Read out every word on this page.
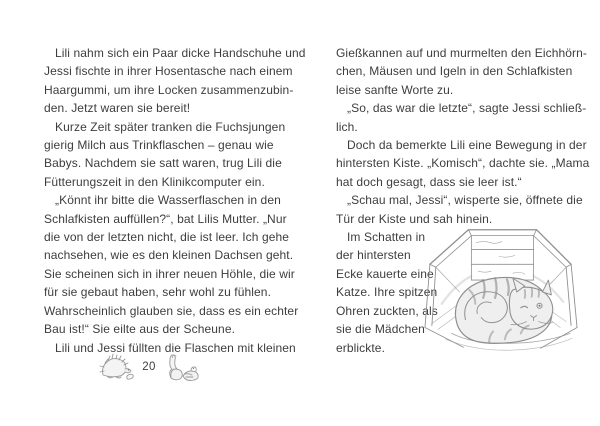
Lili nahm sich ein Paar dicke Handschuhe und
Jessi fischte in ihrer Hosentasche nach einem
Haargummi, um ihre Locken zusammenzubin-
den. Jetzt waren sie bereit!
Kurze Zeit später tranken die Fuchsjungen
gierig Milch aus Trinkflaschen – genau wie
Babys. Nachdem sie satt waren, trug Lili die
Fütterungszeit in den Klinikcomputer ein.
„Könnt ihr bitte die Wasserflaschen in den
Schlafkisten auffüllen?“, bat Lilis Mutter. „Nur
die von der letzten nicht, die ist leer. Ich gehe
nachsehen, wie es den kleinen Dachsen geht.
Sie scheinen sich in ihrer neuen Höhle, die wir
für sie gebaut haben, sehr wohl zu fühlen.
Wahrscheinlich glauben sie, dass es ein echter
Bau ist!“ Sie eilte aus der Scheune.
Lili und Jessi füllten die Flaschen mit kleinen
20
Gießkannen auf und murmelten den Eichhörn-
chen, Mäusen und Igeln in den Schlafkisten
leise sanfte Worte zu.
„So, das war die letzte“, sagte Jessi schließ-
lich.
Doch da bemerkte Lili eine Bewegung in der
hintersten Kiste. „Komisch“, dachte sie. „Mama
hat doch gesagt, dass sie leer ist.“
„Schau mal, Jessi“, wisperte sie, öffnete die
Tür der Kiste und sah hinein.
Im Schatten in
der hintersten
Ecke kauerte eine
Katze. Ihre spitzen
Ohren zuckten, als
sie die Mädchen
erblickte.
